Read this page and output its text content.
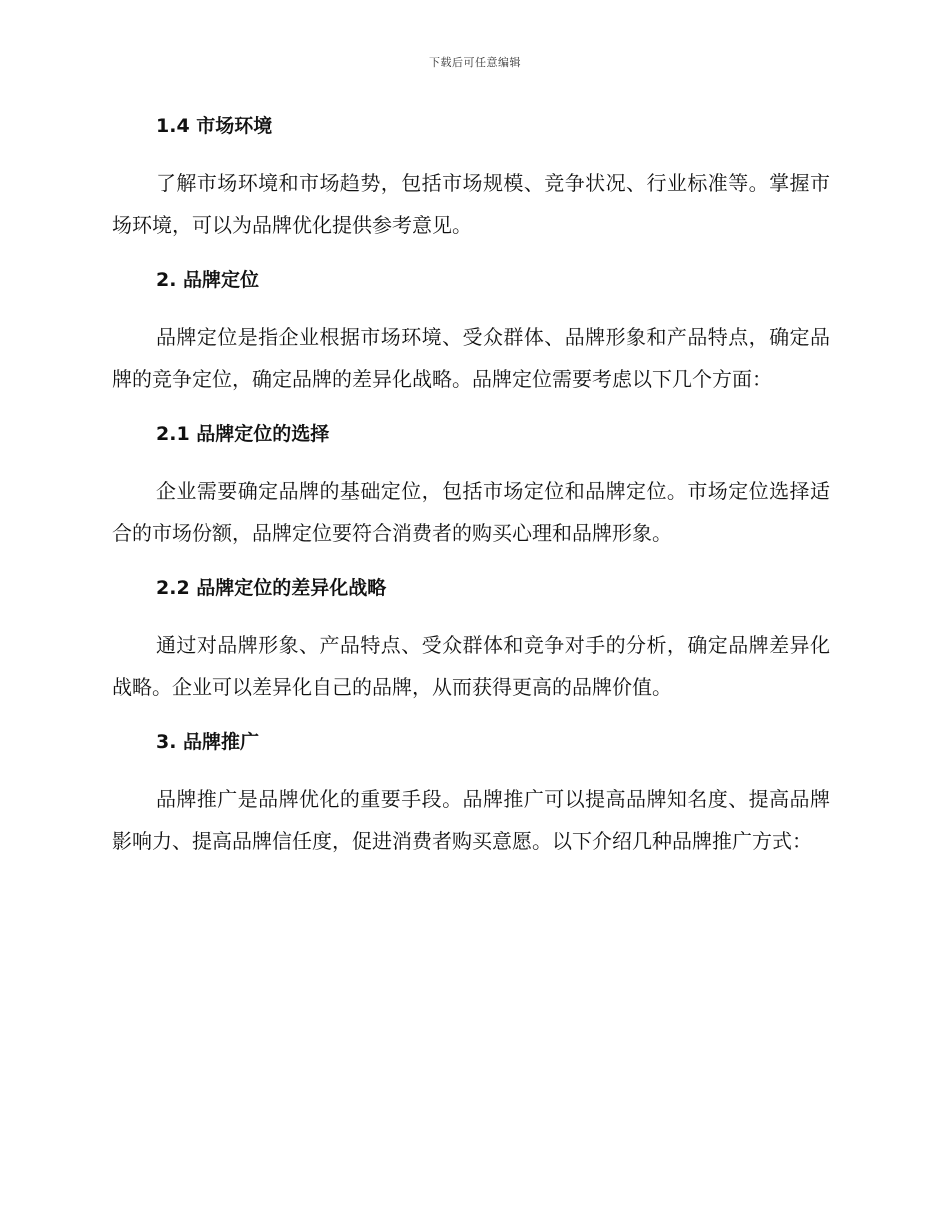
下载后可任意编辑
1.4 市场环境

了解市场环境和市场趋势，包括市场规模、竞争状况、行业标准等。掌握市场环境，可以为品牌优化提供参考意见。

2. 品牌定位

品牌定位是指企业根据市场环境、受众群体、品牌形象和产品特点，确定品牌的竞争定位，确定品牌的差异化战略。品牌定位需要考虑以下几个方面：

2.1 品牌定位的选择

企业需要确定品牌的基础定位，包括市场定位和品牌定位。市场定位选择适合的市场份额，品牌定位要符合消费者的购买心理和品牌形象。

2.2 品牌定位的差异化战略

通过对品牌形象、产品特点、受众群体和竞争对手的分析，确定品牌差异化战略。企业可以差异化自己的品牌，从而获得更高的品牌价值。

3. 品牌推广

品牌推广是品牌优化的重要手段。品牌推广可以提高品牌知名度、提高品牌影响力、提高品牌信任度，促进消费者购买意愿。以下介绍几种品牌推广方式：
